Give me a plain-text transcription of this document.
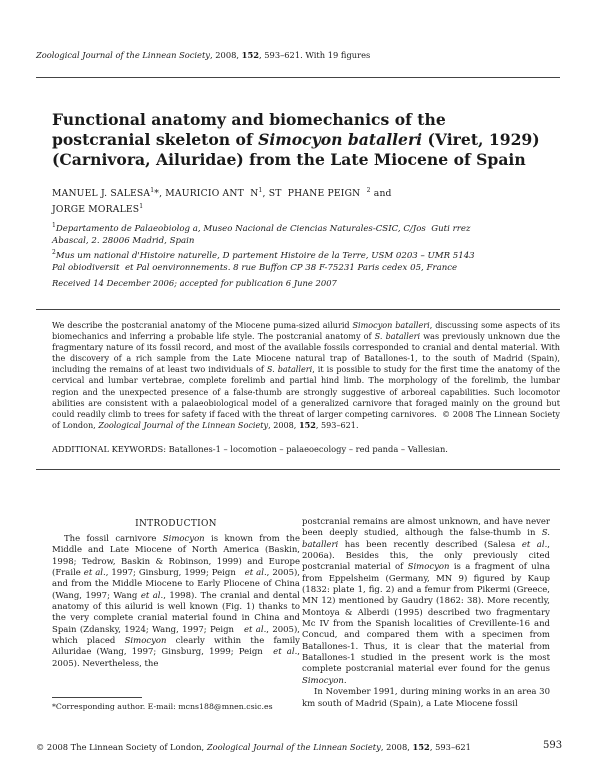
Zoological Journal of the Linnean Society, 2008, 152, 593–621. With 19 figures
Functional anatomy and biomechanics of the
postcranial skeleton of Simocyon batalleri (Viret, 1929)
(Carnivora, Ailuridae) from the Late Miocene of Spain
MANUEL J. SALESA$^1$*, MAURICIO ANT  $N^1$, ST  PHANE PEIGN  $^2$ and
JORGE MORALES$^1$
$^1$Departamento de Palaeobiolog a, Museo Nacional de Ciencias Naturales-CSIC, C/Jos  Guti rrez
Abascal, 2. 28006 Madrid, Spain
$^2$Mus um national d'Histoire naturelle, D partement Histoire de la Terre, USM 0203 – UMR 5143
Pal obiodiversit  et Pal oenvironnements. 8 rue Buffon CP 38 F-75231 Paris cedex 05, France
Received 14 December 2006; accepted for publication 6 June 2007

We describe the postcranial anatomy of the Miocene puma-sized ailurid Simocyon batalleri, discussing some aspects of its biomechanics and inferring a probable life style. The postcranial anatomy of S. batalleri was previously unknown due the fragmentary nature of its fossil record, and most of the available fossils corresponded to cranial and dental material. With the discovery of a rich sample from the Late Miocene natural trap of Batallones-1, to the south of Madrid (Spain), including the remains of at least two individuals of S. batalleri, it is possible to study for the first time the anatomy of the cervical and lumbar vertebrae, complete forelimb and partial hind limb. The morphology of the forelimb, the lumbar region and the unexpected presence of a false-thumb are strongly suggestive of arboreal capabilities. Such locomotor abilities are consistent with a palaeobiological model of a generalized carnivore that foraged mainly on the ground but could readily climb to trees for safety if faced with the threat of larger competing carnivores.  © 2008 The Linnean Society of London, Zoological Journal of the Linnean Society, 2008, 152, 593–621.

ADDITIONAL KEYWORDS: Batallones-1 – locomotion – palaeoecology – red panda – Vallesian.
INTRODUCTION

The fossil carnivore Simocyon is known from the Middle and Late Miocene of North America (Baskin, 1998; Tedrow, Baskin & Robinson, 1999) and Europe (Fraile et al., 1997; Ginsburg, 1999; Peign   et al., 2005), and from the Middle Miocene to Early Pliocene of China (Wang, 1997; Wang et al., 1998). The cranial and dental anatomy of this ailurid is well known (Fig. 1) thanks to the very complete cranial material found in China and Spain (Zdansky, 1924; Wang, 1997; Peign   et al., 2005), which placed Simocyon clearly within the family Ailuridae (Wang, 1997; Ginsburg, 1999; Peign  et al., 2005). Nevertheless, the

postcranial remains are almost unknown, and have never been deeply studied, although the false-thumb in S. batalleri has been recently described (Salesa et al., 2006a). Besides this, the only previously cited postcranial material of Simocyon is a fragment of ulna from Eppelsheim (Germany, MN 9) figured by Kaup (1832: plate 1, fig. 2) and a femur from Pikermi (Greece, MN 12) mentioned by Gaudry (1862: 38). More recently, Montoya & Alberdi (1995) described two fragmentary Mc IV from the Spanish localities of Crevillente-16 and Concud, and compared them with a specimen from Batallones-1. Thus, it is clear that the material from Batallones-1 studied in the present work is the most complete postcranial material ever found for the genus Simocyon.

In November 1991, during mining works in an area 30 km south of Madrid (Spain), a Late Miocene fossil

*Corresponding author. E-mail: mcns188@mnen.csic.es
© 2008 The Linnean Society of London, Zoological Journal of the Linnean Society, 2008, 152, 593–621	593
